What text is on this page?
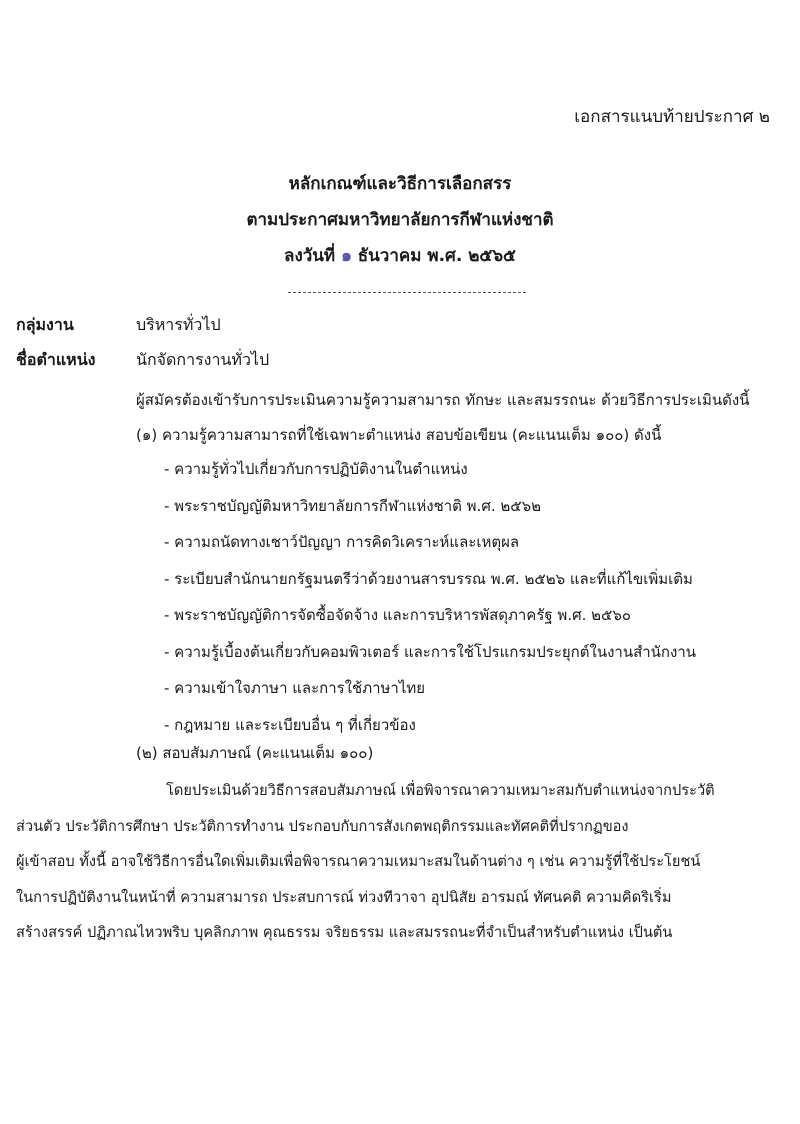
เอกสารแนบท้ายประกาศ ๒
หลักเกณฑ์และวิธีการเลือกสรร
ตามประกาศมหาวิทยาลัยการกีฬาแห่งชาติ
ลงวันที่ ๑ ธันวาคม พ.ศ. ๒๕๖๕
กลุ่มงาน	บริหารทั่วไป
ชื่อตำแหน่ง	นักจัดการงานทั่วไป
ผู้สมัครต้องเข้ารับการประเมินความรู้ความสามารถ ทักษะ และสมรรถนะ ด้วยวิธีการประเมินดังนี้
(๑) ความรู้ความสามารถที่ใช้เฉพาะตำแหน่ง สอบข้อเขียน (คะแนนเต็ม ๑๐๐) ดังนี้
- ความรู้ทั่วไปเกี่ยวกับการปฏิบัติงานในตำแหน่ง
- พระราชบัญญัติมหาวิทยาลัยการกีฬาแห่งชาติ พ.ศ. ๒๕๖๒
- ความถนัดทางเชาว์ปัญญา การคิดวิเคราะห์และเหตุผล
- ระเบียบสำนักนายกรัฐมนตรีว่าด้วยงานสารบรรณ พ.ศ. ๒๕๒๖ และที่แก้ไขเพิ่มเติม
- พระราชบัญญัติการจัดซื้อจัดจ้าง และการบริหารพัสดุภาครัฐ พ.ศ. ๒๕๖๐
- ความรู้เบื้องต้นเกี่ยวกับคอมพิวเตอร์ และการใช้โปรแกรมประยุกต์ในงานสำนักงาน
- ความเข้าใจภาษา และการใช้ภาษาไทย
- กฎหมาย และระเบียบอื่น ๆ ที่เกี่ยวข้อง
(๒) สอบสัมภาษณ์ (คะแนนเต็ม ๑๐๐)
โดยประเมินด้วยวิธีการสอบสัมภาษณ์ เพื่อพิจารณาความเหมาะสมกับตำแหน่งจากประวัติ
ส่วนตัว ประวัติการศึกษา ประวัติการทำงาน ประกอบกับการสังเกตพฤติกรรมและทัศคติที่ปรากฏของ
ผู้เข้าสอบ ทั้งนี้ อาจใช้วิธีการอื่นใดเพิ่มเติมเพื่อพิจารณาความเหมาะสมในด้านต่าง ๆ เช่น ความรู้ที่ใช้ประโยชน์
ในการปฏิบัติงานในหน้าที่ ความสามารถ ประสบการณ์ ท่วงทีวาจา อุปนิสัย อารมณ์ ทัศนคติ ความคิดริเริ่ม
สร้างสรรค์ ปฏิภาณไหวพริบ บุคลิกภาพ คุณธรรม จริยธรรม และสมรรถนะที่จำเป็นสำหรับตำแหน่ง เป็นต้น
